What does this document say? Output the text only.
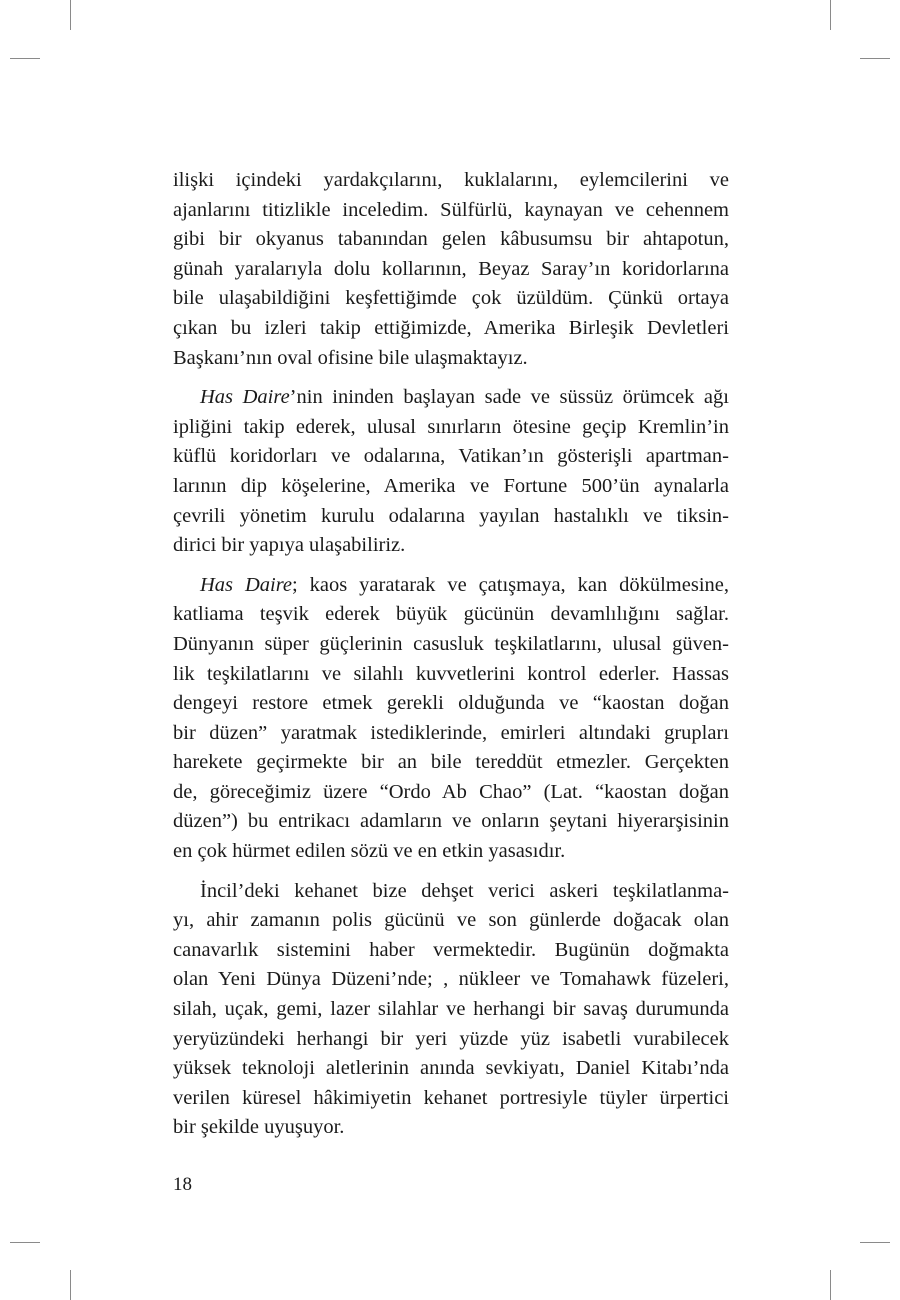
ilişki içindeki yardakçılarını, kuklalarını, eylemcilerini ve
ajanlarını titizlikle inceledim. Sülfürlü, kaynayan ve cehennem
gibi bir okyanus tabanından gelen kâbusumsu bir ahtapotun,
günah yaralarıyla dolu kollarının, Beyaz Saray’ın koridorlarına
bile ulaşabildiğini keşfettiğimde çok üzüldüm. Çünkü ortaya
çıkan bu izleri takip ettiğimizde, Amerika Birleşik Devletleri
Başkanı’nın oval ofisine bile ulaşmaktayız.
Has Daire’nin ininden başlayan sade ve süssüz örümcek ağı
ipliğini takip ederek, ulusal sınırların ötesine geçip Kremlin’in
küflü koridorları ve odalarına, Vatikan’ın gösterişli apartman-
larının dip köşelerine, Amerika ve Fortune 500’ün aynalarla
çevrili yönetim kurulu odalarına yayılan hastalıklı ve tiksin-
dirici bir yapıya ulaşabiliriz.
Has Daire; kaos yaratarak ve çatışmaya, kan dökülmesine,
katliama teşvik ederek büyük gücünün devamlılığını sağlar.
Dünyanın süper güçlerinin casusluk teşkilatlarını, ulusal güven-
lik teşkilatlarını ve silahlı kuvvetlerini kontrol ederler. Hassas
dengeyi restore etmek gerekli olduğunda ve “kaostan doğan
bir düzen” yaratmak istediklerinde, emirleri altındaki grupları
harekete geçirmekte bir an bile tereddüt etmezler. Gerçekten
de, göreceğimiz üzere “Ordo Ab Chao” (Lat. “kaostan doğan
düzen”) bu entrikacı adamların ve onların şeytani hiyerarşisinin
en çok hürmet edilen sözü ve en etkin yasasıdır.
İncil’deki kehanet bize dehşet verici askeri teşkilatlanma-
yı, ahir zamanın polis gücünü ve son günlerde doğacak olan
canavarlık sistemini haber vermektedir. Bugünün doğmakta
olan Yeni Dünya Düzeni’nde; , nükleer ve Tomahawk füzeleri,
silah, uçak, gemi, lazer silahlar ve herhangi bir savaş durumunda
yeryüzündeki herhangi bir yeri yüzde yüz isabetli vurabilecek
yüksek teknoloji aletlerinin anında sevkiyatı, Daniel Kitabı’nda
verilen küresel hâkimiyetin kehanet portresiyle tüyler ürpertici
bir şekilde uyuşuyor.
18
